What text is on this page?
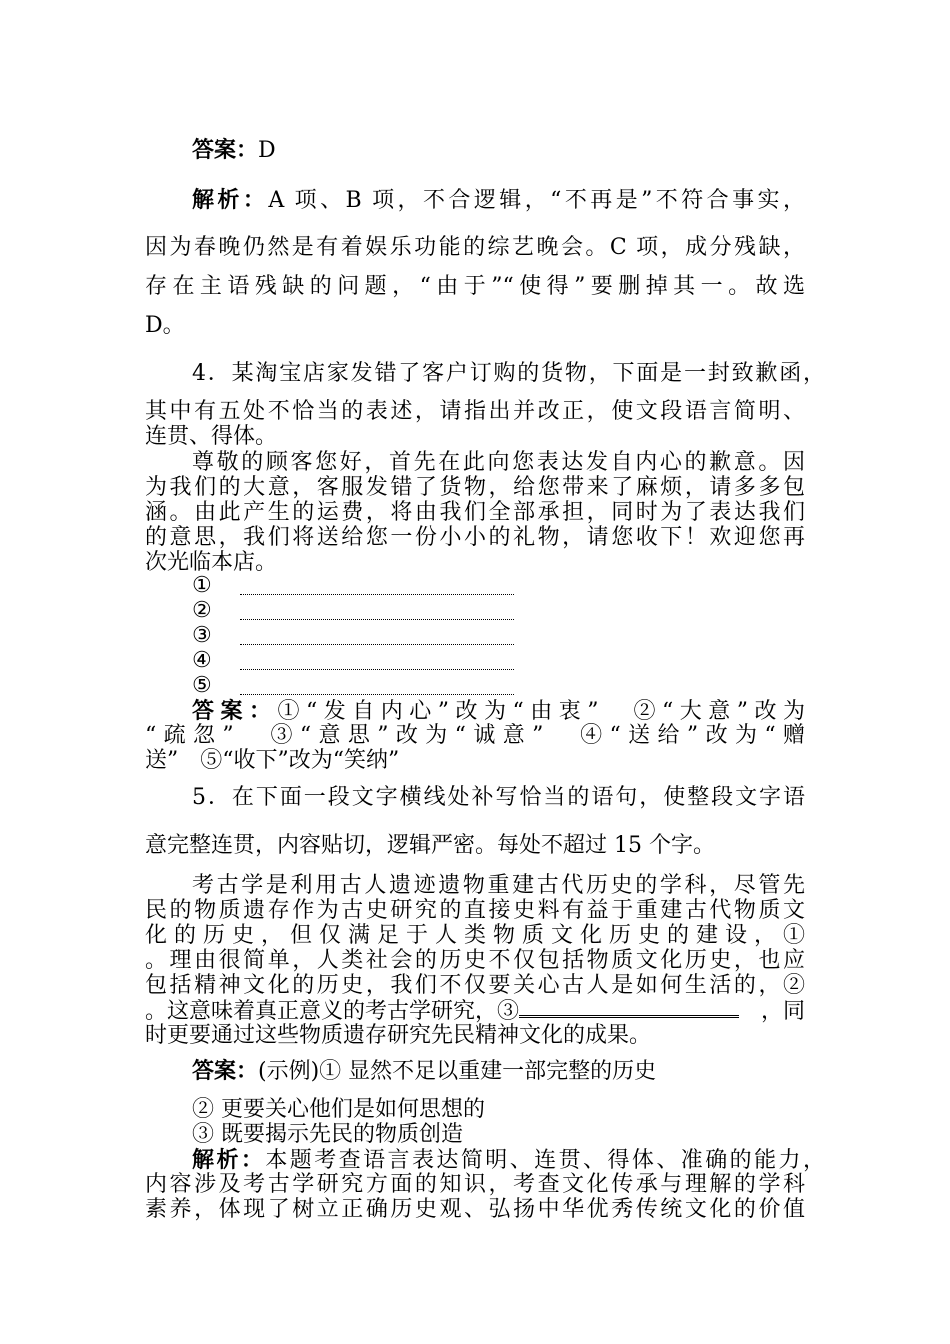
答案：D
解析：A 项、B 项，不合逻辑，“不再是”不符合事实，
因为春晚仍然是有着娱乐功能的综艺晚会。C 项，成分残缺，
存在主语残缺的问题，“由于”“使得”要删掉其一。故选
D。
4．某淘宝店家发错了客户订购的货物，下面是一封致歉函，
其中有五处不恰当的表述，请指出并改正，使文段语言简明、
连贯、得体。
尊敬的顾客您好，首先在此向您表达发自内心的歉意。因
为我们的大意，客服发错了货物，给您带来了麻烦，请多多包
涵。由此产生的运费，将由我们全部承担，同时为了表达我们
的意思，我们将送给您一份小小的礼物，请您收下！欢迎您再
次光临本店。
①
②
③
④
⑤
答案：①“发自内心”改为“由衷”　②“大意”改为
“疏忽”　③“意思”改为“诚意”　④“送给”改为“赠
送”　⑤“收下”改为“笑纳”
5．在下面一段文字横线处补写恰当的语句，使整段文字语
意完整连贯，内容贴切，逻辑严密。每处不超过 15 个字。
考古学是利用古人遗迹遗物重建古代历史的学科，尽管先
民的物质遗存作为古史研究的直接史料有益于重建古代物质文
化的历史，但仅满足于人类物质文化历史的建设，①
。理由很简单，人类社会的历史不仅包括物质文化历史，也应
包括精神文化的历史，我们不仅要关心古人是如何生活的，②
。这意味着真正意义的考古学研究，③	，同
时更要通过这些物质遗存研究先民精神文化的成果。
答案：(示例)① 显然不足以重建一部完整的历史
② 更要关心他们是如何思想的
③ 既要揭示先民的物质创造
解析：本题考查语言表达简明、连贯、得体、准确的能力，
内容涉及考古学研究方面的知识，考查文化传承与理解的学科
素养，体现了树立正确历史观、弘扬中华优秀传统文化的价值
